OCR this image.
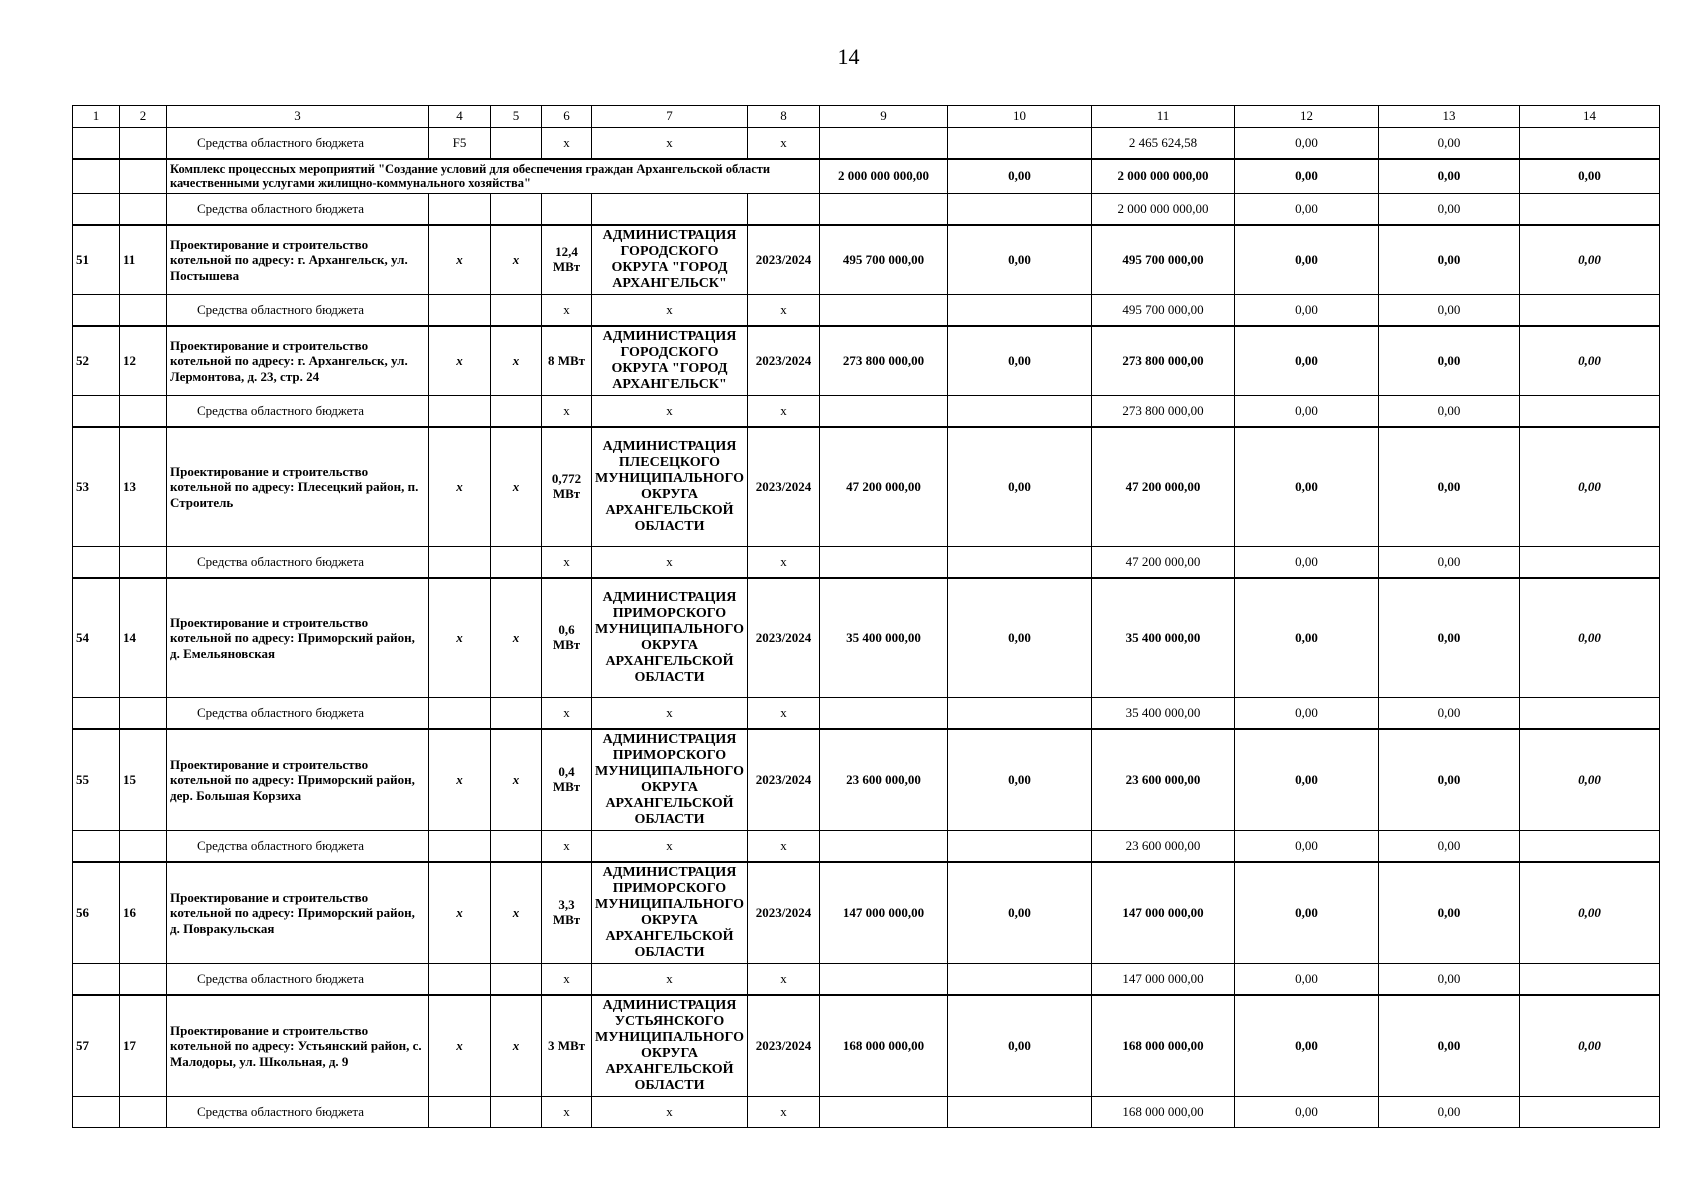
14
1	2	3	4	5	6	7	8	9	10	11	12	13	14
		Средства областного бюджета	F5		x	x	x			2 465 624,58	0,00	0,00	
		Комплекс процессных мероприятий "Создание условий для обеспечения граждан Архангельской области качественными услугами жилищно-коммунального хозяйства"						2 000 000 000,00	0,00	2 000 000 000,00	0,00	0,00	0,00
		Средства областного бюджета								2 000 000 000,00	0,00	0,00	
51	11	Проектирование и строительство котельной по адресу: г. Архангельск, ул. Постышева	x	x	12,4 МВт	АДМИНИСТРАЦИЯ ГОРОДСКОГО ОКРУГА "ГОРОД АРХАНГЕЛЬСК"	2023/2024	495 700 000,00	0,00	495 700 000,00	0,00	0,00	0,00
		Средства областного бюджета			x	x	x			495 700 000,00	0,00	0,00	
52	12	Проектирование и строительство котельной по адресу: г. Архангельск, ул. Лермонтова, д. 23, стр. 24	x	x	8 МВт	АДМИНИСТРАЦИЯ ГОРОДСКОГО ОКРУГА "ГОРОД АРХАНГЕЛЬСК"	2023/2024	273 800 000,00	0,00	273 800 000,00	0,00	0,00	0,00
		Средства областного бюджета			x	x	x			273 800 000,00	0,00	0,00	
53	13	Проектирование и строительство котельной по адресу: Плесецкий район, п. Строитель	x	x	0,772 МВт	АДМИНИСТРАЦИЯ ПЛЕСЕЦКОГО МУНИЦИПАЛЬНОГО ОКРУГА АРХАНГЕЛЬСКОЙ ОБЛАСТИ	2023/2024	47 200 000,00	0,00	47 200 000,00	0,00	0,00	0,00
		Средства областного бюджета			x	x	x			47 200 000,00	0,00	0,00	
54	14	Проектирование и строительство котельной по адресу: Приморский район, д. Емельяновская	x	x	0,6 МВт	АДМИНИСТРАЦИЯ ПРИМОРСКОГО МУНИЦИПАЛЬНОГО ОКРУГА АРХАНГЕЛЬСКОЙ ОБЛАСТИ	2023/2024	35 400 000,00	0,00	35 400 000,00	0,00	0,00	0,00
		Средства областного бюджета			x	x	x			35 400 000,00	0,00	0,00	
55	15	Проектирование и строительство котельной по адресу: Приморский район, дер. Большая Корзиха	x	x	0,4 МВт	АДМИНИСТРАЦИЯ ПРИМОРСКОГО МУНИЦИПАЛЬНОГО ОКРУГА АРХАНГЕЛЬСКОЙ ОБЛАСТИ	2023/2024	23 600 000,00	0,00	23 600 000,00	0,00	0,00	0,00
		Средства областного бюджета			x	x	x			23 600 000,00	0,00	0,00	
56	16	Проектирование и строительство котельной по адресу: Приморский район, д. Повракульская	x	x	3,3 МВт	АДМИНИСТРАЦИЯ ПРИМОРСКОГО МУНИЦИПАЛЬНОГО ОКРУГА АРХАНГЕЛЬСКОЙ ОБЛАСТИ	2023/2024	147 000 000,00	0,00	147 000 000,00	0,00	0,00	0,00
		Средства областного бюджета			x	x	x			147 000 000,00	0,00	0,00	
57	17	Проектирование и строительство котельной по адресу: Устьянский район, с. Малодоры, ул. Школьная, д. 9	x	x	3 МВт	АДМИНИСТРАЦИЯ УСТЬЯНСКОГО МУНИЦИПАЛЬНОГО ОКРУГА АРХАНГЕЛЬСКОЙ ОБЛАСТИ	2023/2024	168 000 000,00	0,00	168 000 000,00	0,00	0,00	0,00
		Средства областного бюджета			x	x	x			168 000 000,00	0,00	0,00	
